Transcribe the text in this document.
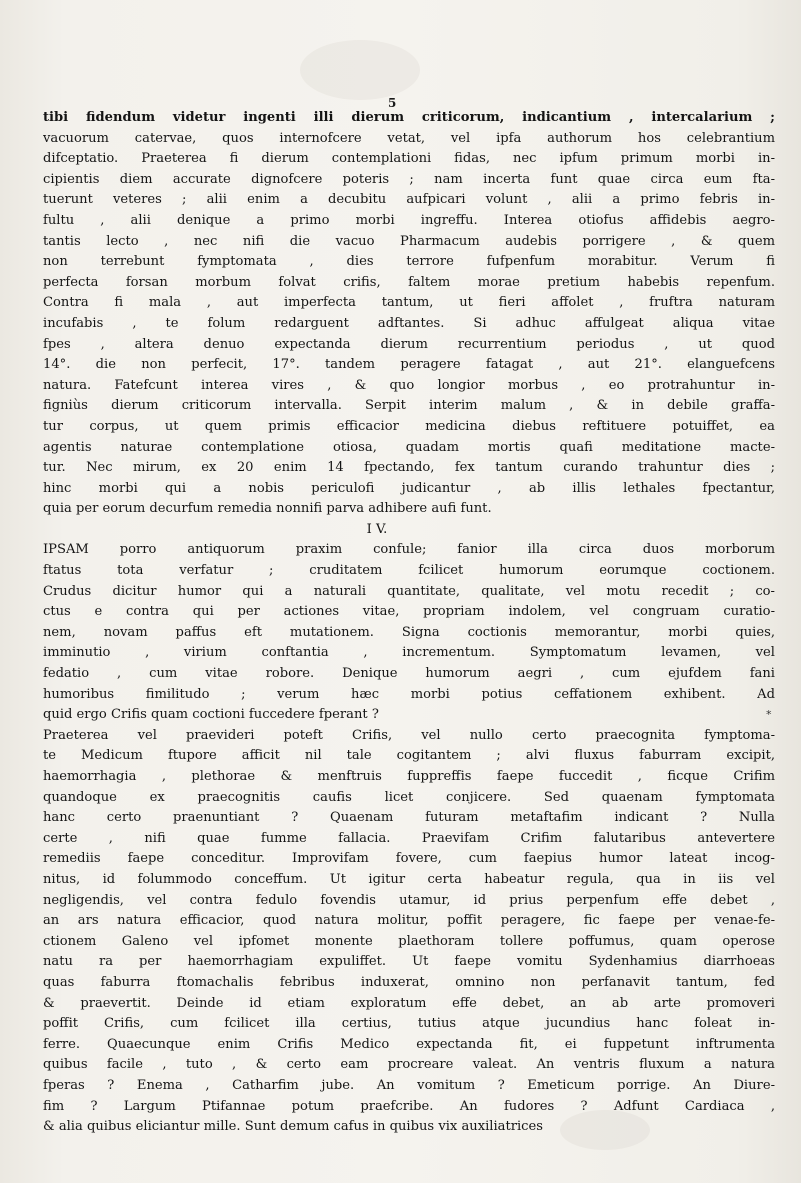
5
tibi fidendum videtur ingenti illi dierum criticorum, indicantium , intercalarium ;
vacuorum catervae, quos internofcere vetat, vel ipfa authorum hos celebrantium
difceptatio. Praeterea fi dierum contemplationi fidas, nec ipfum primum morbi in-
cipientis diem accurate dignofcere poteris ; nam incerta funt quae circa eum fta-
tuerunt veteres ; alii enim a decubitu aufpicari volunt , alii a primo febris in-
fultu , alii denique a primo morbi ingreffu. Interea otiofus affidebis aegro-
tantis lecto , nec nifi die vacuo Pharmacum audebis porrigere , & quem
non terrebunt fymptomata , dies terrore fufpenfum morabitur. Verum fi
perfecta forsan morbum folvat crifis, faltem morae pretium habebis repenfum.
Contra fi mala , aut imperfecta tantum, ut fieri affolet , fruftra naturam
incufabis , te folum redarguent adftantes. Si adhuc affulgeat aliqua vitae
fpes , altera denuo expectanda dierum recurrentium periodus , ut quod
14°. die non perfecit, 17°. tandem peragere fatagat , aut 21°. elanguefcens
natura. Fatefcunt interea vires , & quo longior morbus , eo protrahuntur in-
figniùs dierum criticorum intervalla. Serpit interim malum , & in debile graffa-
tur corpus, ut quem primis efficacior medicina diebus reftituere potuiffet, ea
agentis naturae contemplatione otiosa, quadam mortis quafi meditatione macte-
tur. Nec mirum, ex 20 enim 14 fpectando, fex tantum curando trahuntur dies ;
hinc morbi qui a nobis periculofi judicantur , ab illis lethales fpectantur,
quia per eorum decurfum remedia nonnifi parva adhibere aufi funt.
I V.
IPSAM porro antiquorum praxim confule; fanior illa circa duos morborum
ftatus tota verfatur ; cruditatem fcilicet humorum eorumque coctionem.
Crudus dicitur humor qui a naturali quantitate, qualitate, vel motu recedit ; co-
ctus e contra qui per actiones vitae, propriam indolem, vel congruam curatio-
nem, novam paffus eft mutationem. Signa coctionis memorantur, morbi quies,
imminutio , virium conftantia , incrementum. Symptomatum levamen, vel
fedatio , cum vitae robore. Denique humorum aegri , cum ejufdem fani
humoribus fimilitudo ; verum hæc morbi potius ceffationem exhibent. Ad
quid ergo Crifis quam coctioni fuccedere fperant ?
Praeterea vel praevideri poteft Crifis, vel nullo certo praecognita fymptoma-
te Medicum ftupore afficit nil tale cogitantem ; alvi fluxus faburram excipit,
haemorrhagia , plethorae & menftruis fuppreffis faepe fuccedit , ficque Crifim
quandoque ex praecognitis caufis licet conjicere. Sed quaenam fymptomata
hanc certo praenuntiant ? Quaenam futuram metaftafim indicant ? Nulla
certe , nifi quae fumme fallacia. Praevifam Crifim falutaribus antevertere
remediis faepe conceditur. Improvifam fovere, cum faepius humor lateat incog-
nitus, id folummodo conceffum. Ut igitur certa habeatur regula, qua in iis vel
negligendis, vel contra fedulo fovendis utamur, id prius perpenfum effe debet ,
an ars natura efficacior, quod natura molitur, poffit peragere, fic faepe per venae-fe-
ctionem Galeno vel ipfomet monente plaethoram tollere poffumus, quam operose
natu ra per haemorrhagiam expuliffet. Ut faepe vomitu Sydenhamius diarrhoeas
quas faburra ftomachalis febribus induxerat, omnino non perfanavit tantum, fed
& praevertit. Deinde id etiam exploratum effe debet, an ab arte promoveri
poffit Crifis, cum fcilicet illa certius, tutius atque jucundius hanc foleat in-
ferre. Quaecunque enim Crifis Medico expectanda fit, ei fuppetunt inftrumenta
quibus facile , tuto , & certo eam procreare valeat. An ventris fluxum a natura
fperas ? Enema , Catharfim jube. An vomitum ? Emeticum porrige. An Diure-
fim ? Largum Ptifannae potum praefcribe. An fudores ? Adfunt Cardiaca ,
& alia quibus eliciantur mille. Sunt demum cafus in quibus vix auxiliatrices
*
